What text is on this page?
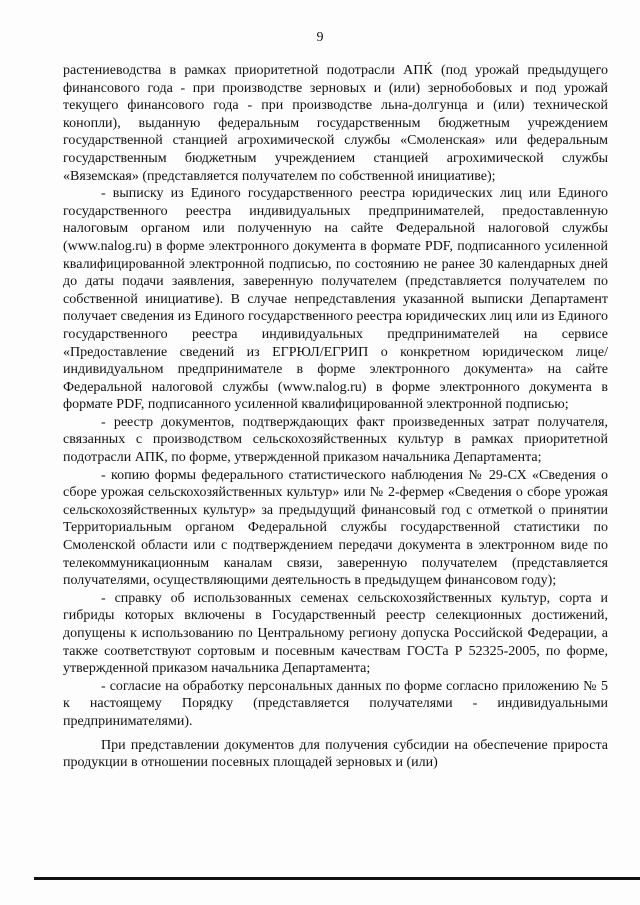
9

растениеводства в рамках приоритетной подотрасли АПЌ (под урожай предыдущего финансового года - при производстве зерновых и (или) зернобобовых и под урожай текущего финансового года - при производстве льна-долгунца и (или) технической конопли), выданную федеральным государственным бюджетным учреждением государственной станцией агрохимической службы «Смоленская» или федеральным государственным бюджетным учреждением станцией агрохимической службы «Вяземская» (представляется получателем по собственной инициативе);

- выписку из Единого государственного реестра юридических лиц или Единого государственного реестра индивидуальных предпринимателей, предоставленную налоговым органом или полученную на сайте Федеральной налоговой службы (www.nalog.ru) в форме электронного документа в формате PDF, подписанного усиленной квалифицированной электронной подписью, по состоянию не ранее 30 календарных дней до даты подачи заявления, заверенную получателем (представляется получателем по собственной инициативе). В случае непредставления указанной выписки Департамент получает сведения из Единого государственного реестра юридических лиц или из Единого государственного реестра индивидуальных предпринимателей на сервисе «Предоставление сведений из ЕГРЮЛ/ЕГРИП о конкретном юридическом лице/индивидуальном предпринимателе в форме электронного документа» на сайте Федеральной налоговой службы (www.nalog.ru) в форме электронного документа в формате PDF, подписанного усиленной квалифицированной электронной подписью;

- реестр документов, подтверждающих факт произведенных затрат получателя, связанных с производством сельскохозяйственных культур в рамках приоритетной подотрасли АПК, по форме, утвержденной приказом начальника Департамента;

- копию формы федерального статистического наблюдения № 29-СХ «Сведения о сборе урожая сельскохозяйственных культур» или № 2-фермер «Сведения о сборе урожая сельскохозяйственных культур» за предыдущий финансовый год с отметкой о принятии Территориальным органом Федеральной службы государственной статистики по Смоленской области или с подтверждением передачи документа в электронном виде по телекоммуникационным каналам связи, заверенную получателем (представляется получателями, осуществляющими деятельность в предыдущем финансовом году);

- справку об использованных семенах сельскохозяйственных культур, сорта и гибриды которых включены в Государственный реестр селекционных достижений, допущены к использованию по Центральному региону допуска Российской Федерации, а также соответствуют сортовым и посевным качествам ГОСТа Р 52325-2005, по форме, утвержденной приказом начальника Департамента;

- согласие на обработку персональных данных по форме согласно приложению № 5 к настоящему Порядку (представляется получателями - индивидуальными предпринимателями).

При представлении документов для получения субсидии на обеспечение прироста продукции в отношении посевных площадей зерновых и (или)
